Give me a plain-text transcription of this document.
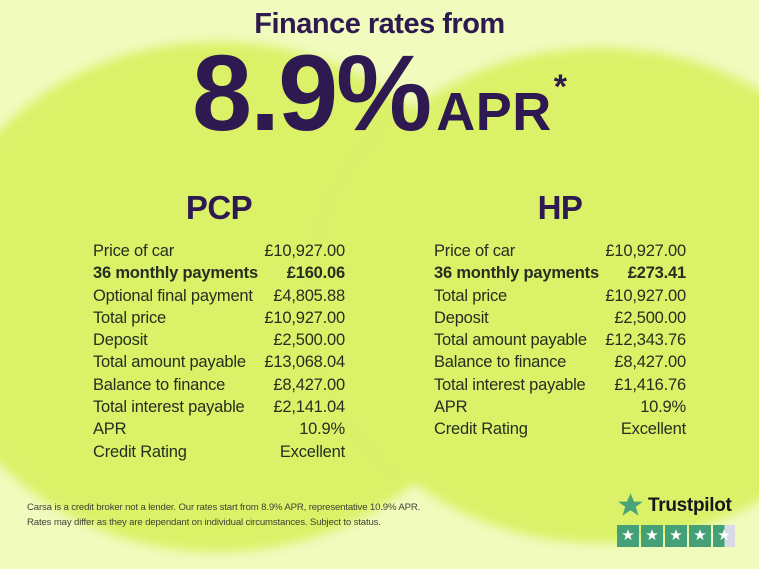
Finance rates from
8.9% APR *
PCP
Price of car	£10,927.00
36 monthly payments £160.06
Optional final payment £4,805.88
Total price	£10,927.00
Deposit	£2,500.00
Total amount payable £13,068.04
Balance to finance	£8,427.00
Total interest payable £2,141.04
APR	10.9%
Credit Rating	Excellent
HP
Price of car	£10,927.00
36 monthly payments £273.41
Total price	£10,927.00
Deposit	£2,500.00
Total amount payable £12,343.76
Balance to finance	£8,427.00
Total interest payable £1,416.76
APR	10.9%
Credit Rating	Excellent
Carsa is a credit broker not a lender. Our rates start from 8.9% APR, representative 10.9% APR.
Rates may differ as they are dependant on individual circumstances. Subject to status.
Trustpilot
★ ★ ★ ★ ★
